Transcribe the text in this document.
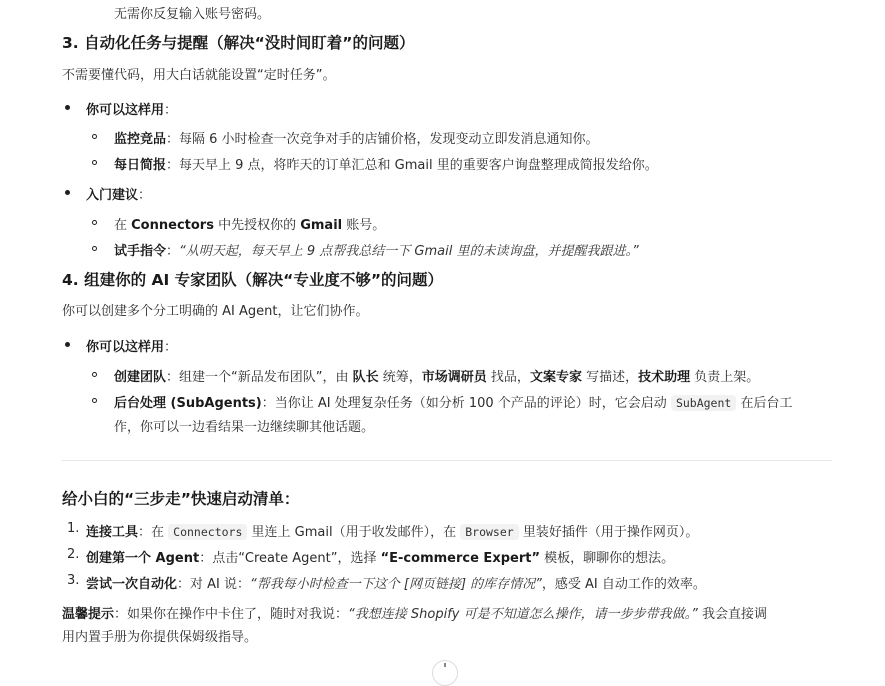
无需你反复输入账号密码。
3. 自动化任务与提醒（解决“没时间盯着”的问题）
不需要懂代码，用大白话就能设置“定时任务”。
你可以这样用：
监控竞品：每隔 6 小时检查一次竞争对手的店铺价格，发现变动立即发消息通知你。
每日简报：每天早上 9 点，将昨天的订单汇总和 Gmail 里的重要客户询盘整理成简报发给你。
入门建议：
在 Connectors 中先授权你的 Gmail 账号。
试手指令：“从明天起，每天早上 9 点帮我总结一下 Gmail 里的未读询盘，并提醒我跟进。”
4. 组建你的 AI 专家团队（解决“专业度不够”的问题）
你可以创建多个分工明确的 AI Agent，让它们协作。
你可以这样用：
创建团队：组建一个“新品发布团队”，由 队长 统筹，市场调研员 找品，文案专家 写描述，技术助理 负责上架。
后台处理 (SubAgents)：当你让 AI 处理复杂任务（如分析 100 个产品的评论）时，它会启动 SubAgent 在后台工
作，你可以一边看结果一边继续聊其他话题。
给小白的“三步走”快速启动清单：
1. 连接工具：在 Connectors 里连上 Gmail（用于收发邮件），在 Browser 里装好插件（用于操作网页）。
2. 创建第一个 Agent：点击“Create Agent”，选择 “E-commerce Expert” 模板，聊聊你的想法。
3. 尝试一次自动化：对 AI 说：“帮我每小时检查一下这个 [网页链接] 的库存情况”，感受 AI 自动工作的效率。
温馨提示：如果你在操作中卡住了，随时对我说：“我想连接 Shopify 可是不知道怎么操作，请一步步带我做。” 我会直接调
用内置手册为你提供保姆级指导。
